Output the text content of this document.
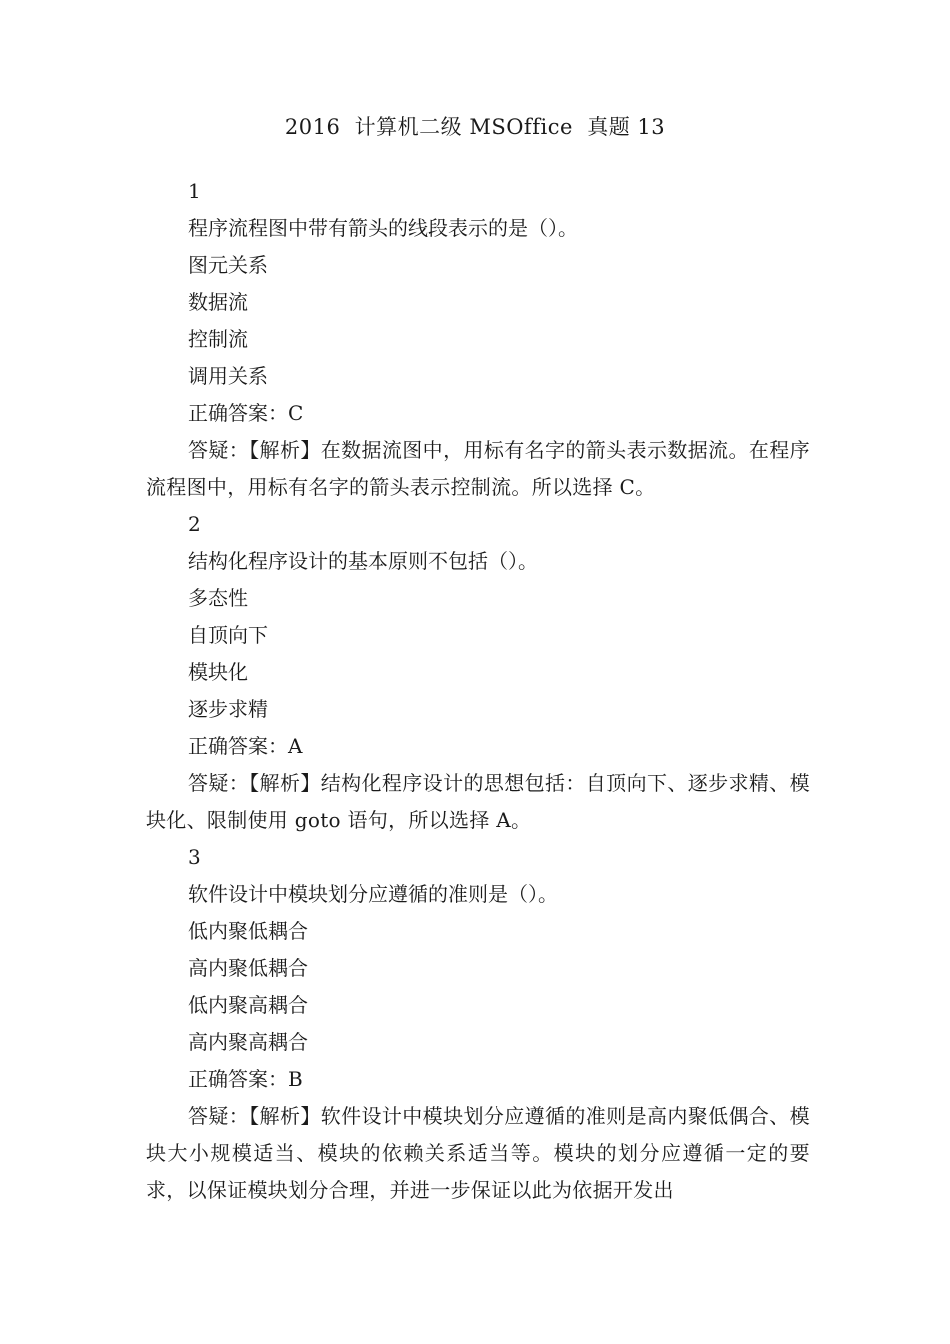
2016  计算机二级 MSOffice  真题 13
1
程序流程图中带有箭头的线段表示的是（）。
图元关系
数据流
控制流
调用关系
正确答案：C
答疑：【解析】在数据流图中，用标有名字的箭头表示数据流。在程序流程图中，用标有名字的箭头表示控制流。所以选择 C。
2
结构化程序设计的基本原则不包括（）。
多态性
自顶向下
模块化
逐步求精
正确答案：A
答疑：【解析】结构化程序设计的思想包括：自顶向下、逐步求精、模块化、限制使用 goto 语句，所以选择 A。
3
软件设计中模块划分应遵循的准则是（）。
低内聚低耦合
高内聚低耦合
低内聚高耦合
高内聚高耦合
正确答案：B
答疑：【解析】软件设计中模块划分应遵循的准则是高内聚低偶合、模块大小规模适当、模块的依赖关系适当等。模块的划分应遵循一定的要求，以保证模块划分合理，并进一步保证以此为依据开发出
